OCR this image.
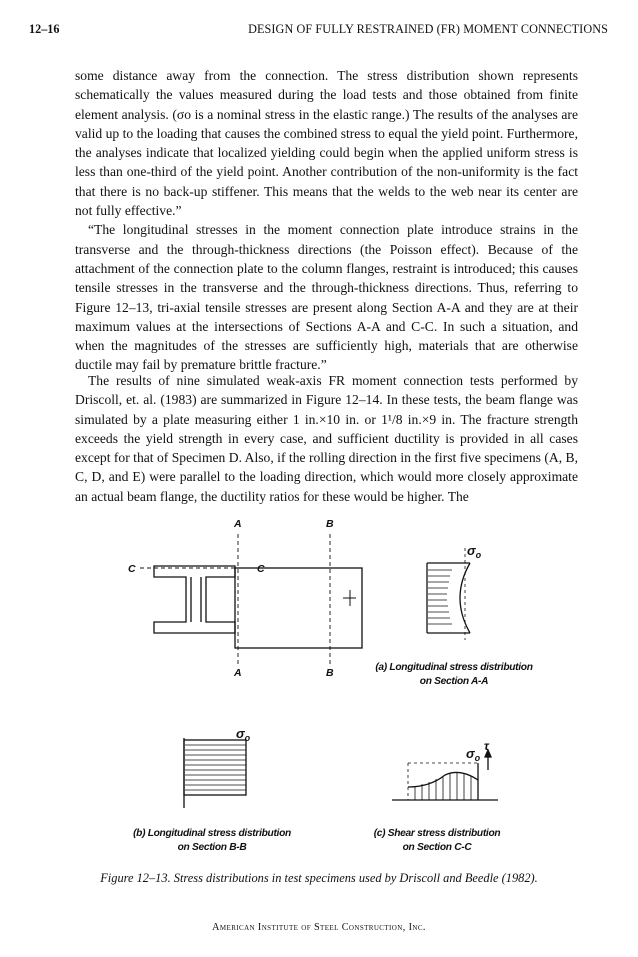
12–16	DESIGN OF FULLY RESTRAINED (FR) MOMENT CONNECTIONS

some distance away from the connection. The stress distribution shown represents schematically the values measured during the load tests and those obtained from finite element analysis. (σo is a nominal stress in the elastic range.) The results of the analyses are valid up to the loading that causes the combined stress to equal the yield point. Furthermore, the analyses indicate that localized yielding could begin when the applied uniform stress is less than one-third of the yield point. Another contribution of the non-uniformity is the fact that there is no back-up stiffener. This means that the welds to the web near its center are not fully effective.”

“The longitudinal stresses in the moment connection plate introduce strains in the transverse and the through-thickness directions (the Poisson effect). Because of the attachment of the connection plate to the column flanges, restraint is introduced; this causes tensile stresses in the transverse and the through-thickness directions. Thus, referring to Figure 12–13, tri-axial tensile stresses are present along Section A-A and they are at their maximum values at the intersections of Sections A-A and C-C. In such a situation, and when the magnitudes of the stresses are sufficiently high, materials that are otherwise ductile may fail by premature brittle fracture.”

The results of nine simulated weak-axis FR moment connection tests performed by Driscoll, et. al. (1983) are summarized in Figure 12–14. In these tests, the beam flange was simulated by a plate measuring either 1 in.×10 in. or 1¹/8 in.×9 in. The fracture strength exceeds the yield strength in every case, and sufficient ductility is provided in all cases except for that of Specimen D. Also, if the rolling direction in the first five specimens (A, B, C, D, and E) were parallel to the loading direction, which would more closely approximate an actual beam flange, the ductility ratios for these would be higher. The

A
A
B
B
C	C
$\sigma_o$
$\sigma_o$
$\sigma_o$
τ
(a) Longitudinal stress distribution
on Section A-A
(b) Longitudinal stress distribution
on Section B-B
(c) Shear stress distribution
on Section C-C
Figure 12–13. Stress distributions in test specimens used by Driscoll and Beedle (1982).
American Institute of Steel Construction, Inc.
